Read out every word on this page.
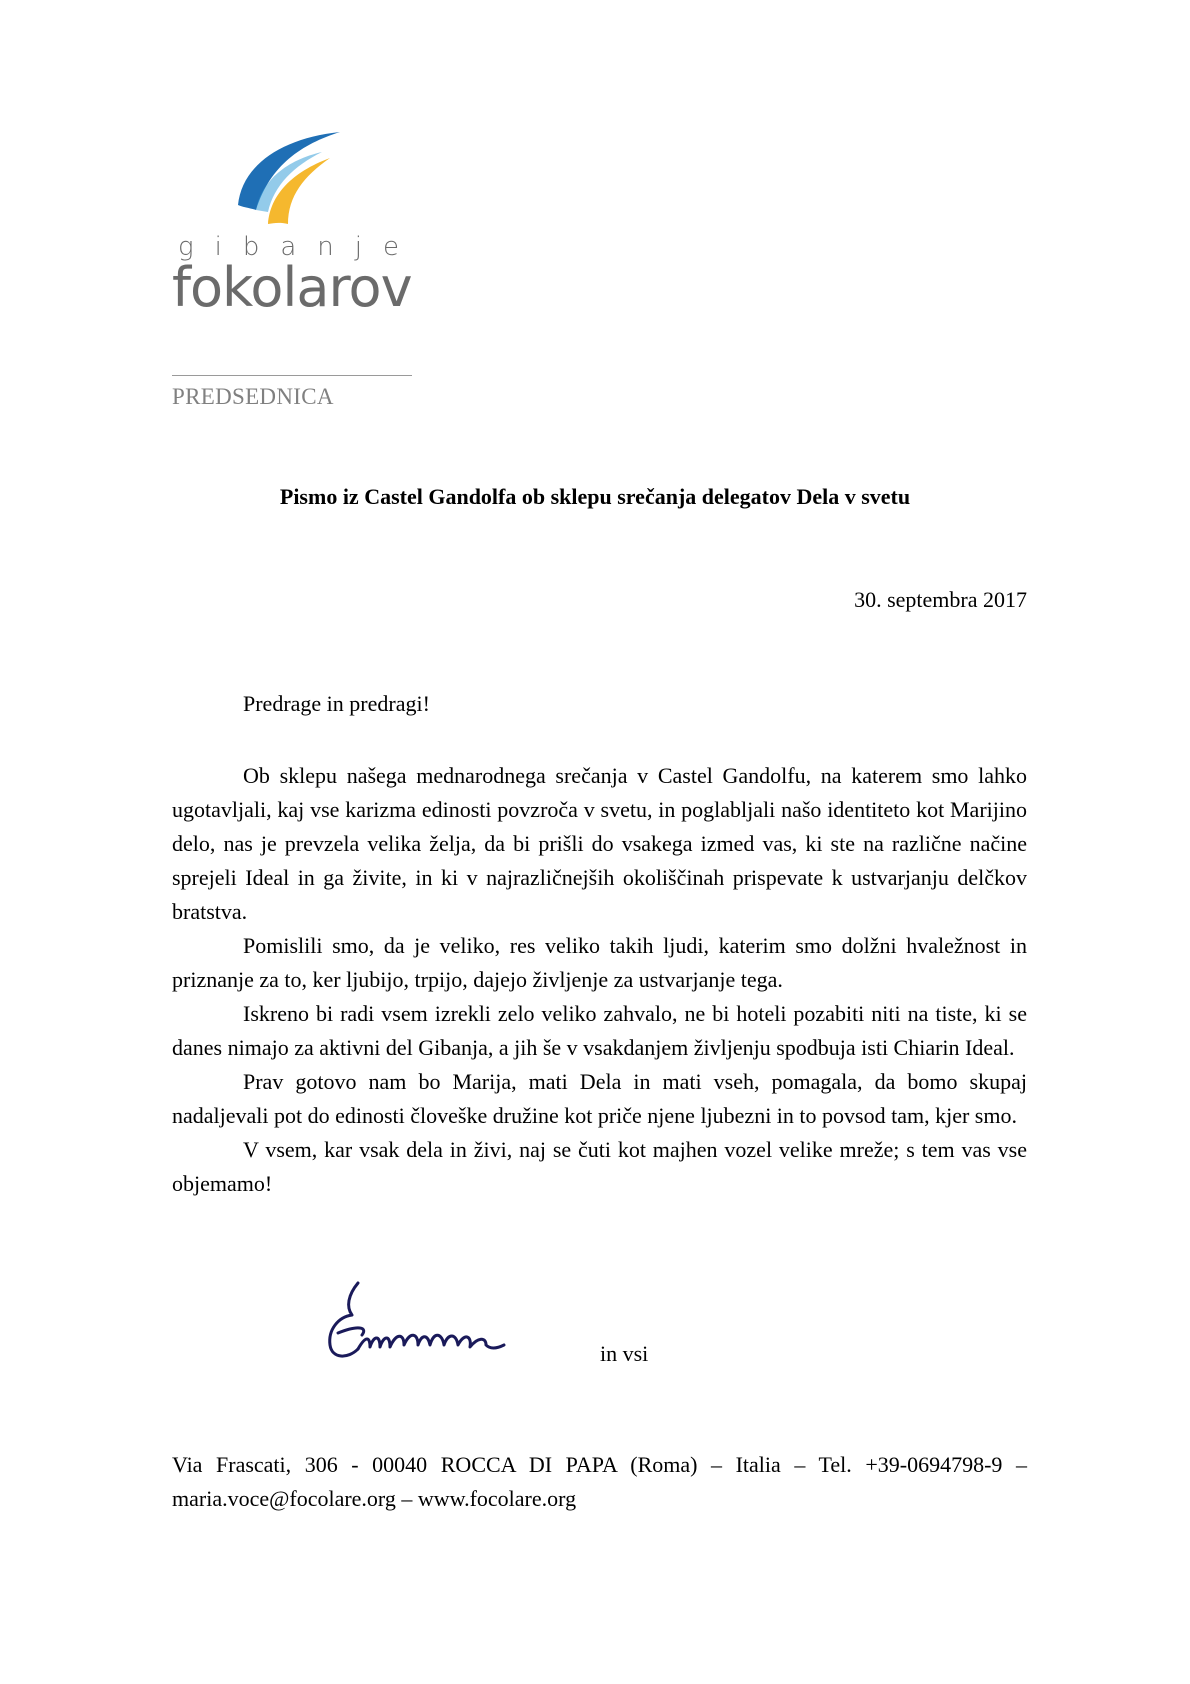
gibanje
fokolarov
PREDSEDNICA
Pismo iz Castel Gandolfa ob sklepu srečanja delegatov Dela v svetu
30. septembra 2017
Predrage in predragi!

Ob sklepu našega mednarodnega srečanja v Castel Gandolfu, na katerem smo lahko ugotavljali, kaj vse karizma edinosti povzroča v svetu, in poglabljali našo identiteto kot Marijino delo, nas je prevzela velika želja, da bi prišli do vsakega izmed vas, ki ste na različne načine sprejeli Ideal in ga živite, in ki v najrazličnejših okoliščinah prispevate k ustvarjanju delčkov bratstva.

Pomislili smo, da je veliko, res veliko takih ljudi, katerim smo dolžni hvaležnost in priznanje za to, ker ljubijo, trpijo, dajejo življenje za ustvarjanje tega.

Iskreno bi radi vsem izrekli zelo veliko zahvalo, ne bi hoteli pozabiti niti na tiste, ki se danes nimajo za aktivni del Gibanja, a jih še v vsakdanjem življenju spodbuja isti Chiarin Ideal.

Prav gotovo nam bo Marija, mati Dela in mati vseh, pomagala, da bomo skupaj nadaljevali pot do edinosti človeške družine kot priče njene ljubezni in to povsod tam, kjer smo.

V vsem, kar vsak dela in živi, naj se čuti kot majhen vozel velike mreže; s tem vas vse objemamo!

in vsi
Via Frascati, 306 - 00040 ROCCA DI PAPA (Roma) – Italia – Tel. +39-0694798-9 –
maria.voce@focolare.org – www.focolare.org
